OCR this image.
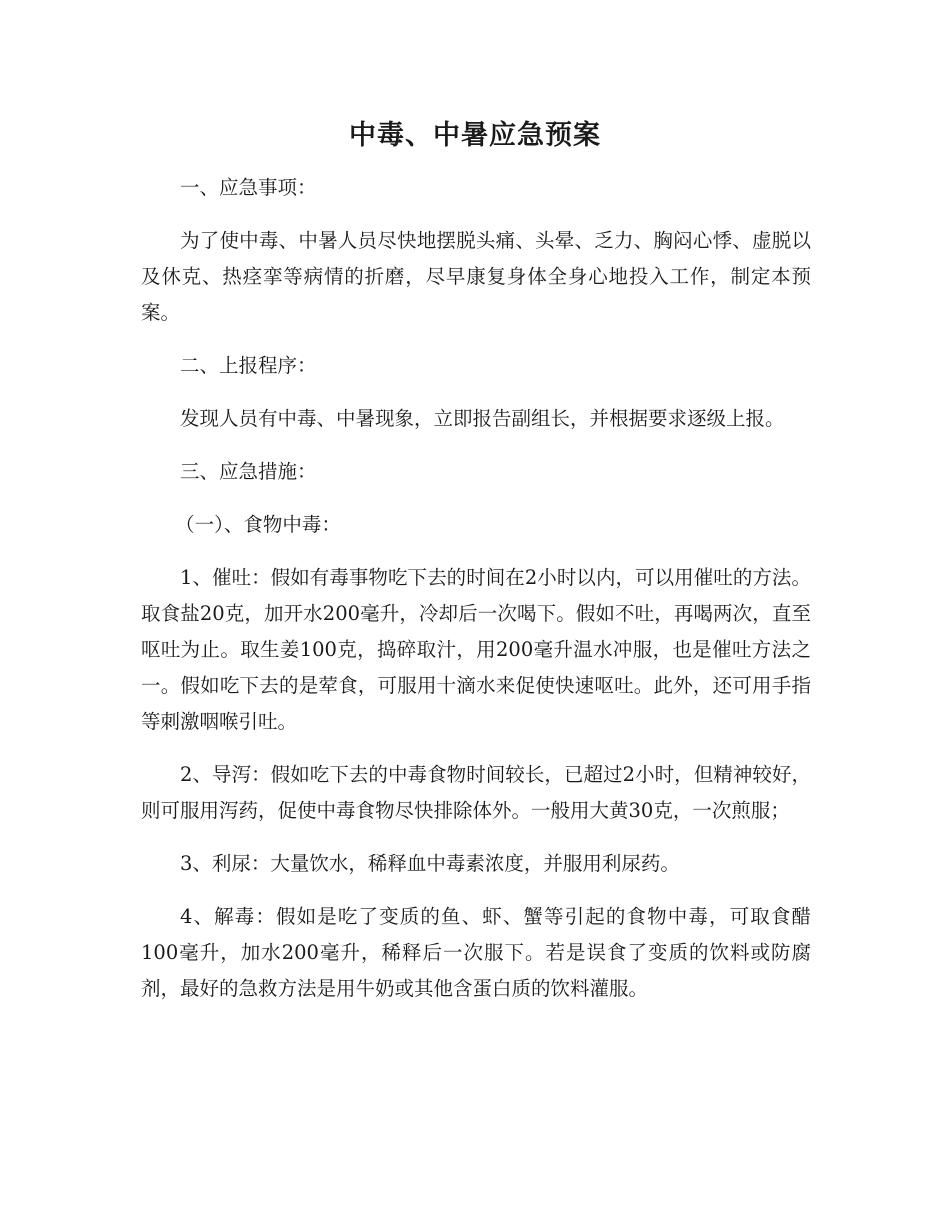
中毒、中暑应急预案

一、应急事项：

为了使中毒、中暑人员尽快地摆脱头痛、头晕、乏力、胸闷心悸、虚脱以及休克、热痉挛等病情的折磨，尽早康复身体全身心地投入工作，制定本预案。

二、上报程序：

发现人员有中毒、中暑现象，立即报告副组长，并根据要求逐级上报。

三、应急措施：

（一）、食物中毒：

1、催吐：假如有毒事物吃下去的时间在2小时以内，可以用催吐的方法。取食盐20克，加开水200毫升，冷却后一次喝下。假如不吐，再喝两次，直至呕吐为止。取生姜100克，捣碎取汁，用200毫升温水冲服，也是催吐方法之一。假如吃下去的是荤食，可服用十滴水来促使快速呕吐。此外，还可用手指等刺激咽喉引吐。

2、导泻：假如吃下去的中毒食物时间较长，已超过2小时，但精神较好，则可服用泻药，促使中毒食物尽快排除体外。一般用大黄30克，一次煎服；

3、利尿：大量饮水，稀释血中毒素浓度，并服用利尿药。

4、解毒：假如是吃了变质的鱼、虾、蟹等引起的食物中毒，可取食醋100毫升，加水200毫升，稀释后一次服下。若是误食了变质的饮料或防腐剂，最好的急救方法是用牛奶或其他含蛋白质的饮料灌服。
